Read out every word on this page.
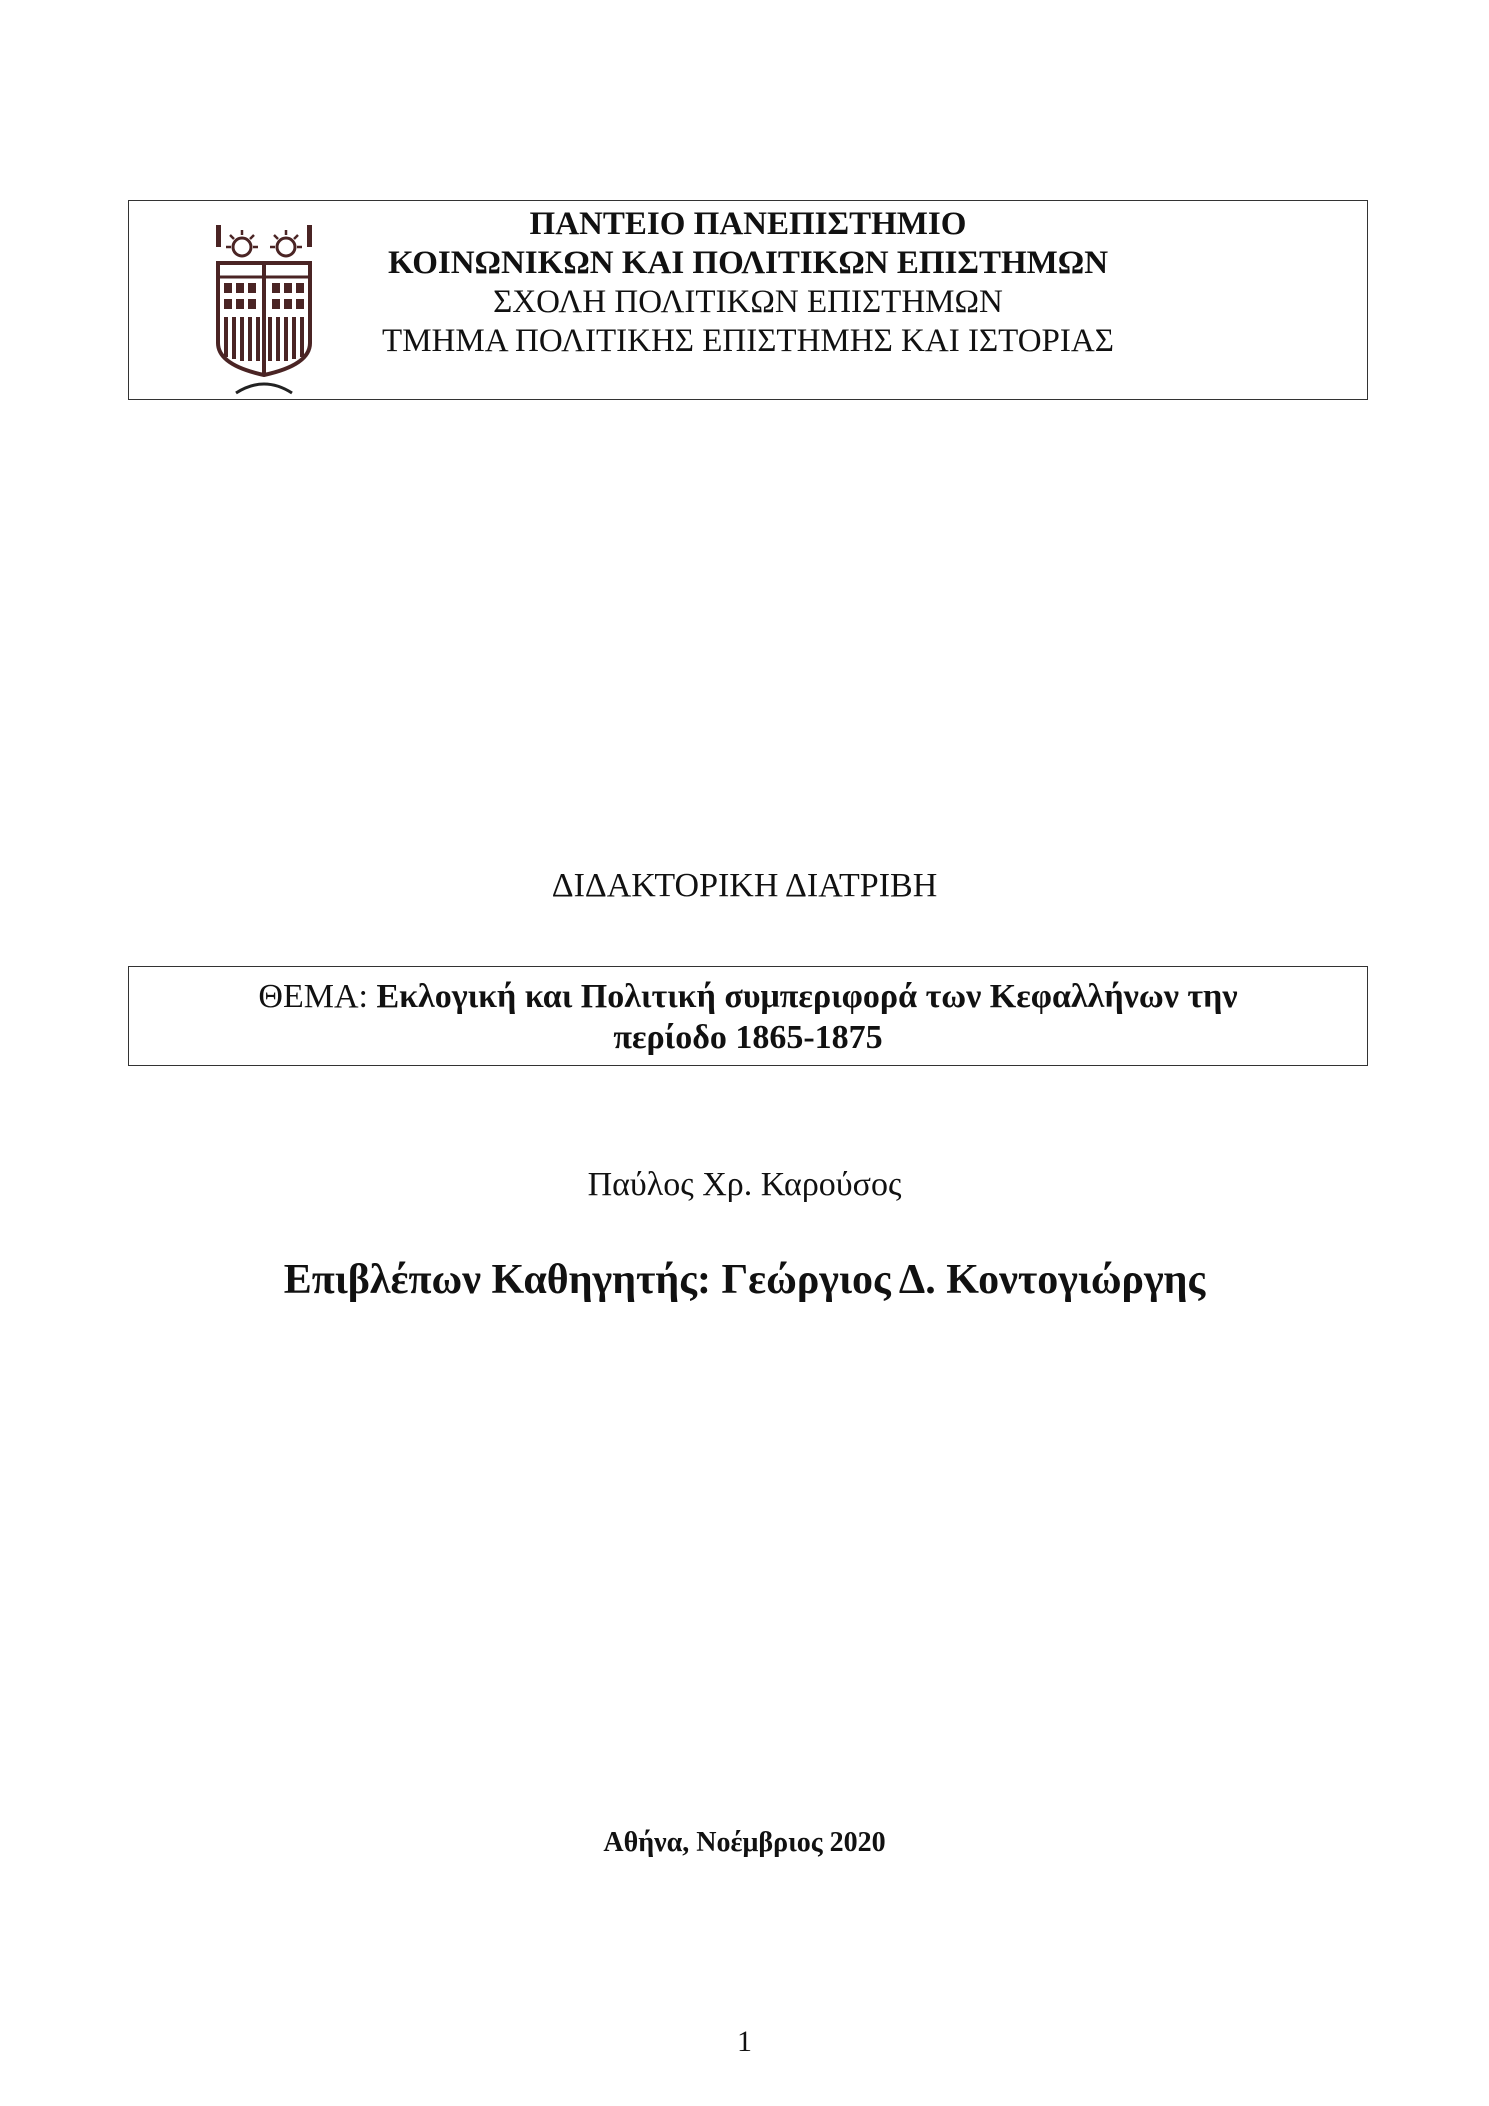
ΠΑΝΤΕΙΟ ΠΑΝΕΠΙΣΤΗΜΙΟ
ΚΟΙΝΩΝΙΚΩΝ ΚΑΙ ΠΟΛΙΤΙΚΩΝ ΕΠΙΣΤΗΜΩΝ
ΣΧΟΛΗ ΠΟΛΙΤΙΚΩΝ ΕΠΙΣΤΗΜΩΝ
ΤΜΗΜΑ ΠΟΛΙΤΙΚΗΣ ΕΠΙΣΤΗΜΗΣ ΚΑΙ ΙΣΤΟΡΙΑΣ
ΔΙΔΑΚΤΟΡΙΚΗ ΔΙΑΤΡΙΒΗ
ΘΕΜΑ: Εκλογική και Πολιτική συμπεριφορά των Κεφαλλήνων την
περίοδο 1865-1875
Παύλος Χρ. Καρούσος
Επιβλέπων Καθηγητής: Γεώργιος Δ. Κοντογιώργης
Αθήνα, Νοέμβριος 2020
1
